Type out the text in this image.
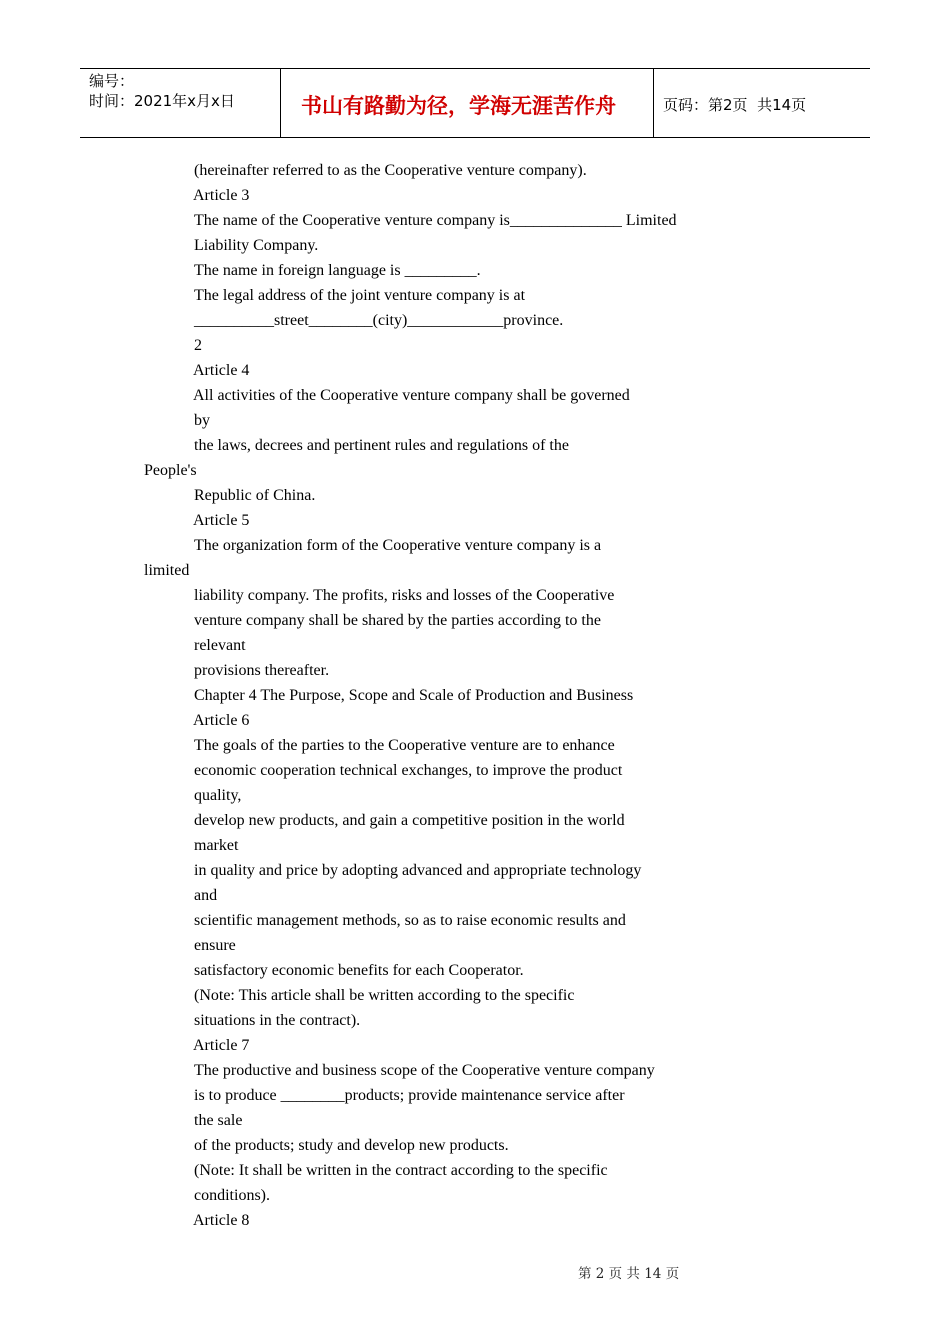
编号：
时间：2021年x月x日	书山有路勤为径，学海无涯苦作舟	页码：第2页  共14页
(hereinafter referred to as the Cooperative venture company).
Article 3
The name of the Cooperative venture company is______________ Limited
Liability Company.
The name in foreign language is _________.
The legal address of the joint venture company is at
__________street________(city)____________province.
2
Article 4
All activities of the Cooperative venture company shall be governed
by
the laws, decrees and pertinent rules and regulations of the
People's
Republic of China.
Article 5
The organization form of the Cooperative venture company is a
limited
liability company. The profits, risks and losses of the Cooperative
venture company shall be shared by the parties according to the
relevant
provisions thereafter.
Chapter 4 The Purpose, Scope and Scale of Production and Business
Article 6
The goals of the parties to the Cooperative venture are to enhance
economic cooperation technical exchanges, to improve the product
quality,
develop new products, and gain a competitive position in the world
market
in quality and price by adopting advanced and appropriate technology
and
scientific management methods, so as to raise economic results and
ensure
satisfactory economic benefits for each Cooperator.
(Note: This article shall be written according to the specific
situations in the contract).
Article 7
The productive and business scope of the Cooperative venture company
is to produce ________products; provide maintenance service after
the sale
of the products; study and develop new products.
(Note: It shall be written in the contract according to the specific
conditions).
Article 8

第 2 页 共 14 页
